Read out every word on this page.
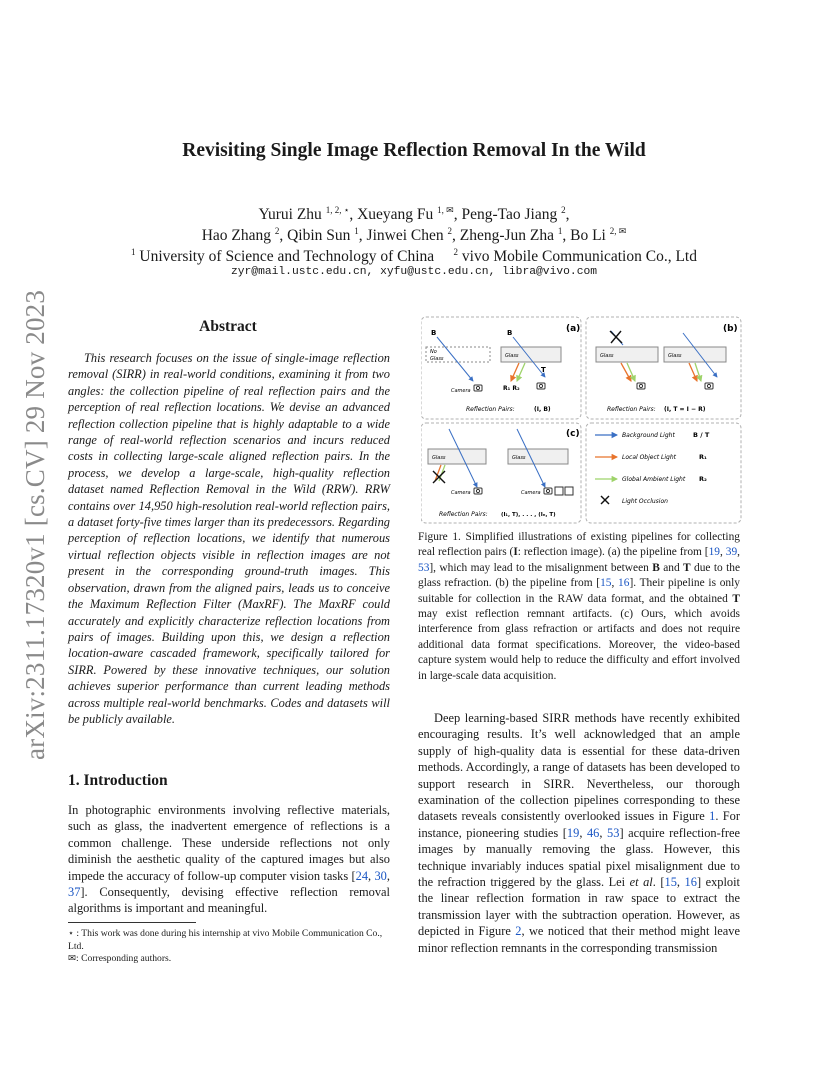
arXiv:2311.17320v1 [cs.CV] 29 Nov 2023
Revisiting Single Image Reflection Removal In the Wild
Yurui Zhu $^{1, 2, ⋆}$, Xueyang Fu $^{1, ✉}$, Peng-Tao Jiang $^2$,
Hao Zhang $^2$, Qibin Sun $^1$, Jinwei Chen $^2$, Zheng-Jun Zha $^1$, Bo Li $^{2, ✉}$
$^1$ University of Science and Technology of China $^2$ vivo Mobile Communication Co., Ltd
zyr@mail.ustc.edu.cn, xyfu@ustc.edu.cn, libra@vivo.com
Abstract

This research focuses on the issue of single-image reflection removal (SIRR) in real-world conditions, examining it from two angles: the collection pipeline of real reflection pairs and the perception of real reflection locations. We devise an advanced reflection collection pipeline that is highly adaptable to a wide range of real-world reflection scenarios and incurs reduced costs in collecting large-scale aligned reflection pairs. In the process, we develop a large-scale, high-quality reflection dataset named Reflection Removal in the Wild (RRW). RRW contains over 14,950 high-resolution real-world reflection pairs, a dataset forty-five times larger than its predecessors. Regarding perception of reflection locations, we identify that numerous virtual reflection objects visible in reflection images are not present in the corresponding ground-truth images. This observation, drawn from the aligned pairs, leads us to conceive the Maximum Reflection Filter (MaxRF). The MaxRF could accurately and explicitly characterize reflection locations from pairs of images. Building upon this, we design a reflection location-aware cascaded framework, specifically tailored for SIRR. Powered by these innovative techniques, our solution achieves superior performance than current leading methods across multiple real-world benchmarks. Codes and datasets will be publicly available.

1. Introduction

In photographic environments involving reflective materials, such as glass, the inadvertent emergence of reflections is a common challenge. These underside reflections not only diminish the aesthetic quality of the captured images but also impede the accuracy of follow-up computer vision tasks [24, 30, 37]. Consequently, devising effective reflection removal algorithms is important and meaningful.

⋆ : This work was done during his internship at vivo Mobile Communication Co., Ltd.
✉: Corresponding authors.
(a)
B	B
No
Glass	Glass
T
R₁ R₂
Camera
Reflection Pairs:	(I, B)
(b)
Glass	Glass
Reflection Pairs: (I, T = I − R)
(c)
Glass	Glass
Camera	Camera
Reflection Pairs: (I₁, T), . . . , (Iₙ, T)
Background Light	B / T
Local Object Light	R₁
Global Ambient Light R₂
Light Occlusion

Figure 1. Simplified illustrations of existing pipelines for collecting real reflection pairs (I: reflection image). (a) the pipeline from [19, 39, 53], which may lead to the misalignment between B and T due to the glass refraction. (b) the pipeline from [15, 16]. Their pipeline is only suitable for collection in the RAW data format, and the obtained T may exist reflection remnant artifacts. (c) Ours, which avoids interference from glass refraction or artifacts and does not require additional data format specifications. Moreover, the video-based capture system would help to reduce the difficulty and effort involved in large-scale data acquisition.

Deep learning-based SIRR methods have recently exhibited encouraging results. It’s well acknowledged that an ample supply of high-quality data is essential for these data-driven methods. Accordingly, a range of datasets has been developed to support research in SIRR. Nevertheless, our thorough examination of the collection pipelines corresponding to these datasets reveals consistently overlooked issues in Figure 1. For instance, pioneering studies [19, 46, 53] acquire reflection-free images by manually removing the glass. However, this technique invariably induces spatial pixel misalignment due to the refraction triggered by the glass. Lei et al. [15, 16] exploit the linear reflection formation in raw space to extract the transmission layer with the subtraction operation. However, as depicted in Figure 2, we noticed that their method might leave minor reflection remnants in the corresponding transmission
